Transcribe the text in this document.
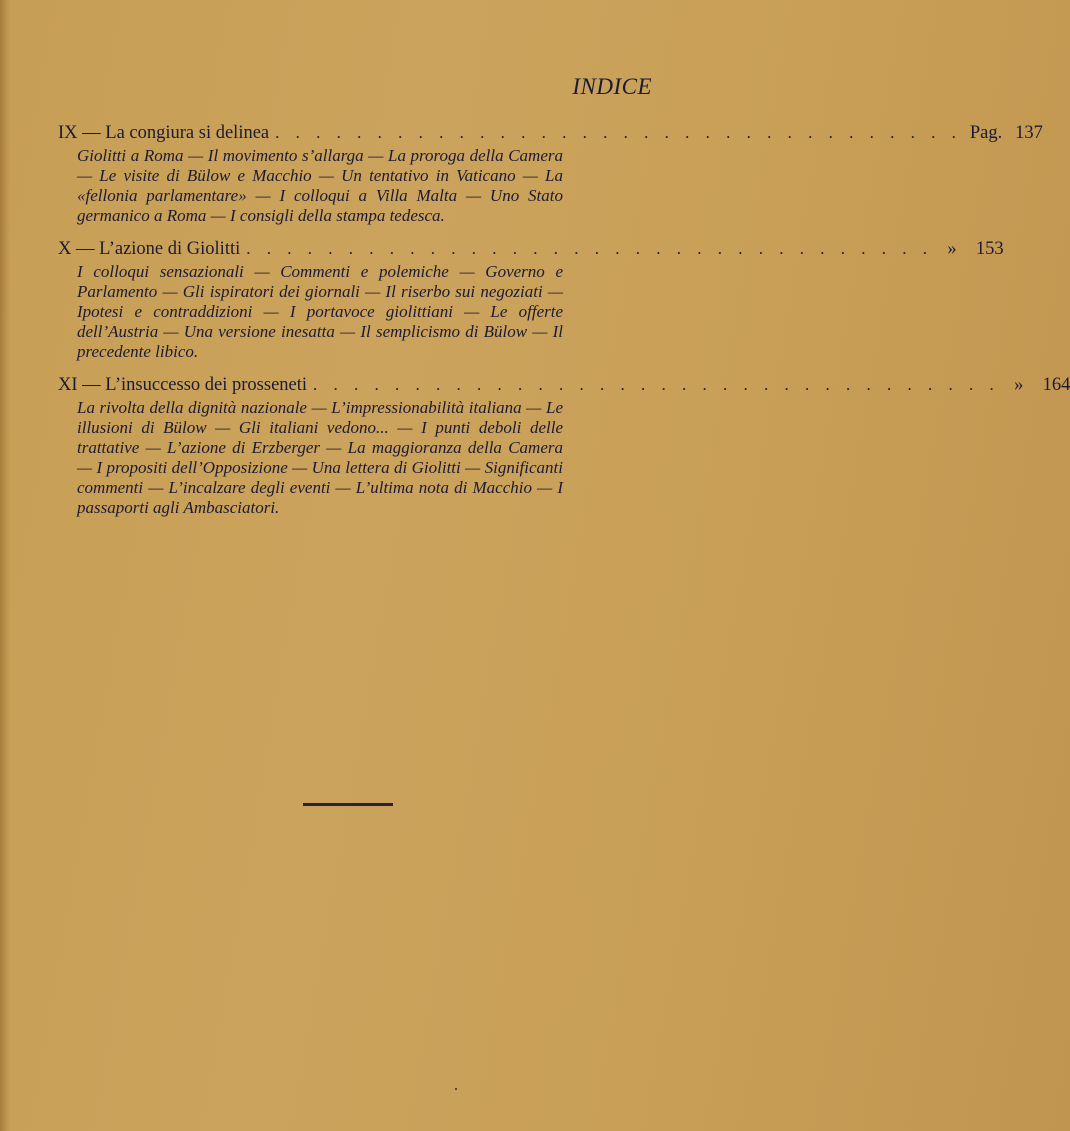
INDICE
IX — La congiura si delinea . . . . . . . . . . . . . . . . . . . . . . . . . . . . . . . . . . Pag. 137

Giolitti a Roma — Il movimento s’allarga — La proroga della Camera — Le visite di Bülow e Macchio — Un tentativo in Vaticano — La «fellonia parlamentare» — I colloqui a Villa Malta — Uno Stato germanico a Roma — I consigli della stampa tedesca.

X — L’azione di Giolitti . . . . . . . . . . . . . . . . . . . . . . . . . . . . . . . . . . » 153

I colloqui sensazionali — Commenti e polemiche — Governo e Parlamento — Gli ispiratori dei giornali — Il riserbo sui negoziati — Ipotesi e contraddizioni — I portavoce giolittiani — Le offerte dell’Austria — Una versione inesatta — Il semplicismo di Bülow — Il precedente libico.

XI — L’insuccesso dei prosseneti . . . . . . . . . . . . . . . . . . . . . . . . . . . . . . . . . . » 164

La rivolta della dignità nazionale — L’impressionabilità italiana — Le illusioni di Bülow — Gli italiani vedono... — I punti deboli delle trattative — L’azione di Erzberger — La maggioranza della Camera — I propositi dell’Opposizione — Una lettera di Giolitti — Significanti commenti — L’incalzare degli eventi — L’ultima nota di Macchio — I passaporti agli Ambasciatori.
